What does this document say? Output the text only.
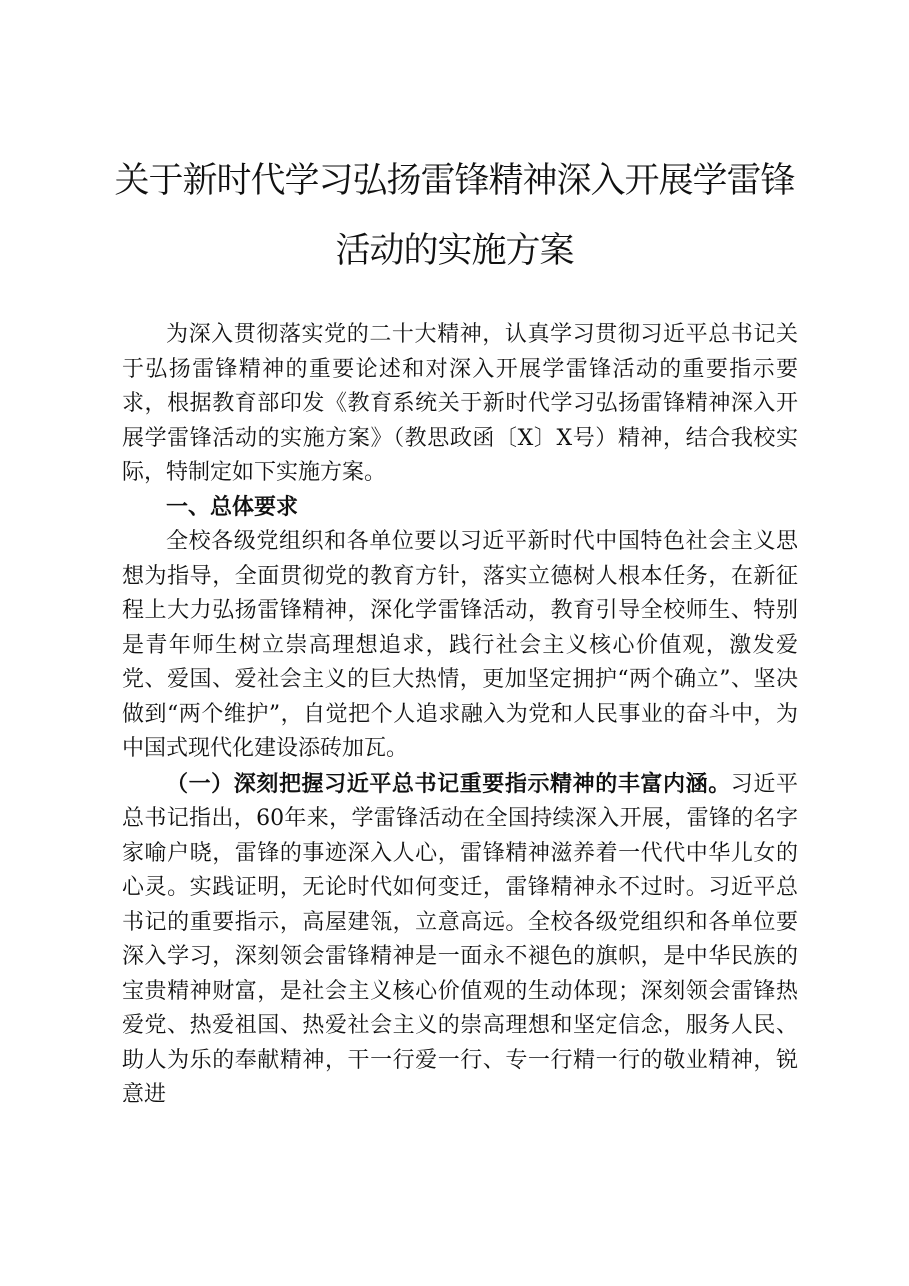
关于新时代学习弘扬雷锋精神深入开展学雷锋
活动的实施方案

为深入贯彻落实党的二十大精神，认真学习贯彻习近平总书记关于弘扬雷锋精神的重要论述和对深入开展学雷锋活动的重要指示要求，根据教育部印发《教育系统关于新时代学习弘扬雷锋精神深入开展学雷锋活动的实施方案》（教思政函〔X〕X号）精神，结合我校实际，特制定如下实施方案。

一、总体要求

全校各级党组织和各单位要以习近平新时代中国特色社会主义思想为指导，全面贯彻党的教育方针，落实立德树人根本任务，在新征程上大力弘扬雷锋精神，深化学雷锋活动，教育引导全校师生、特别是青年师生树立崇高理想追求，践行社会主义核心价值观，激发爱党、爱国、爱社会主义的巨大热情，更加坚定拥护“两个确立”、坚决做到“两个维护”，自觉把个人追求融入为党和人民事业的奋斗中，为中国式现代化建设添砖加瓦。

（一）深刻把握习近平总书记重要指示精神的丰富内涵。习近平总书记指出，60年来，学雷锋活动在全国持续深入开展，雷锋的名字家喻户晓，雷锋的事迹深入人心，雷锋精神滋养着一代代中华儿女的心灵。实践证明，无论时代如何变迁，雷锋精神永不过时。习近平总书记的重要指示，高屋建瓴，立意高远。全校各级党组织和各单位要深入学习，深刻领会雷锋精神是一面永不褪色的旗帜，是中华民族的宝贵精神财富，是社会主义核心价值观的生动体现；深刻领会雷锋热爱党、热爱祖国、热爱社会主义的崇高理想和坚定信念，服务人民、助人为乐的奉献精神，干一行爱一行、专一行精一行的敬业精神，锐意进
